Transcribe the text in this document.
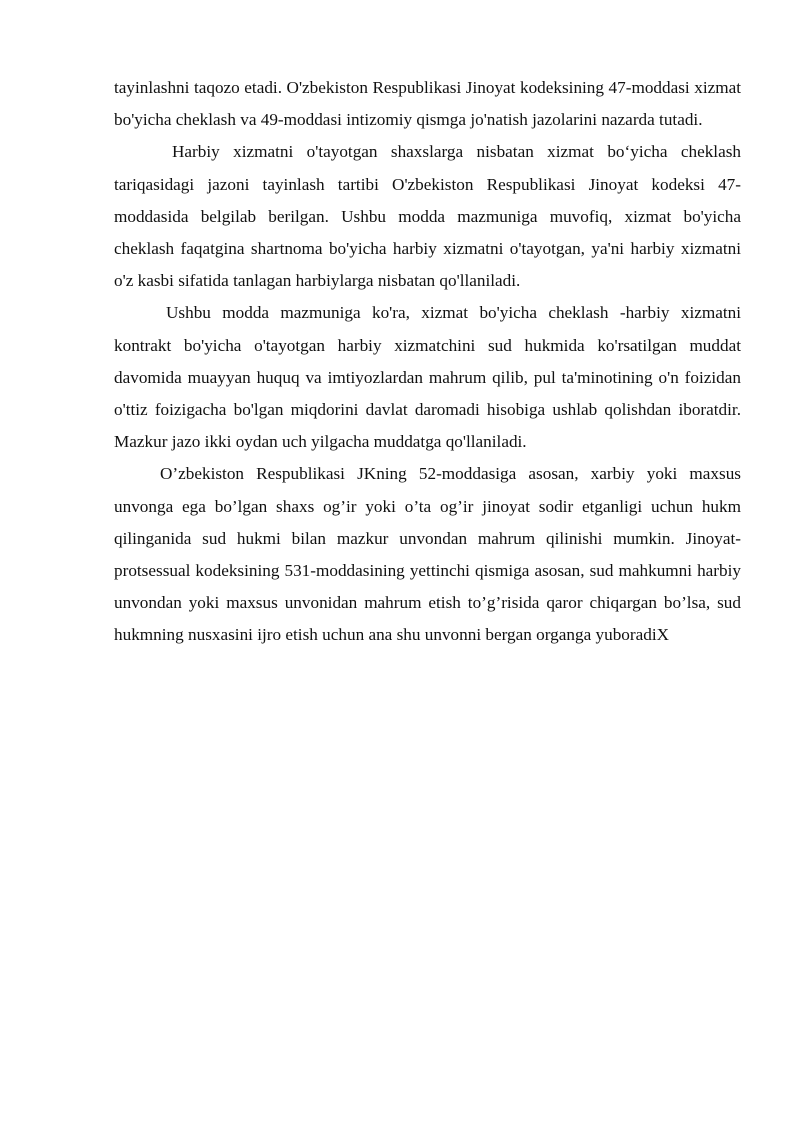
tayinlashni taqozo etadi. O'zbekiston Respublikasi Jinoyat kodeksining 47-moddasi xizmat bo'yicha cheklash va 49-moddasi intizomiy qismga jo'natish jazolarini nazarda tutadi.

Harbiy xizmatni o'tayotgan shaxslarga nisbatan xizmat bo‘yicha cheklash tariqasidagi jazoni tayinlash tartibi O'zbekiston Respublikasi Jinoyat kodeksi 47-moddasida belgilab berilgan. Ushbu modda mazmuniga muvofiq, xizmat bo'yicha cheklash faqatgina shartnoma bo'yicha harbiy xizmatni o'tayotgan, ya'ni harbiy xizmatni o'z kasbi sifatida tanlagan harbiylarga nisbatan qo'llaniladi.

Ushbu modda mazmuniga ko'ra, xizmat bo'yicha cheklash -harbiy xizmatni kontrakt bo'yicha o'tayotgan harbiy xizmatchini sud hukmida ko'rsatilgan muddat davomida muayyan huquq va imtiyozlardan mahrum qilib, pul ta'minotining o'n foizidan o'ttiz foizigacha bo'lgan miqdorini davlat daromadi hisobiga ushlab qolishdan iboratdir. Mazkur jazo ikki oydan uch yilgacha muddatga qo'llaniladi.

O’zbekiston Respublikasi JKning 52-moddasiga asosan, xarbiy yoki maxsus unvonga ega bo’lgan shaxs og’ir yoki o’ta og’ir jinoyat sodir etganligi uchun hukm qilinganida sud hukmi bilan mazkur unvondan mahrum qilinishi mumkin. Jinoyat-protsessual kodeksining 531-moddasining yettinchi qismiga asosan, sud mahkumni harbiy unvondan yoki maxsus unvonidan mahrum etish to’g’risida qaror chiqargan bo’lsa, sud hukmning nusxasini ijro etish uchun ana shu unvonni bergan organga yuboradiX
